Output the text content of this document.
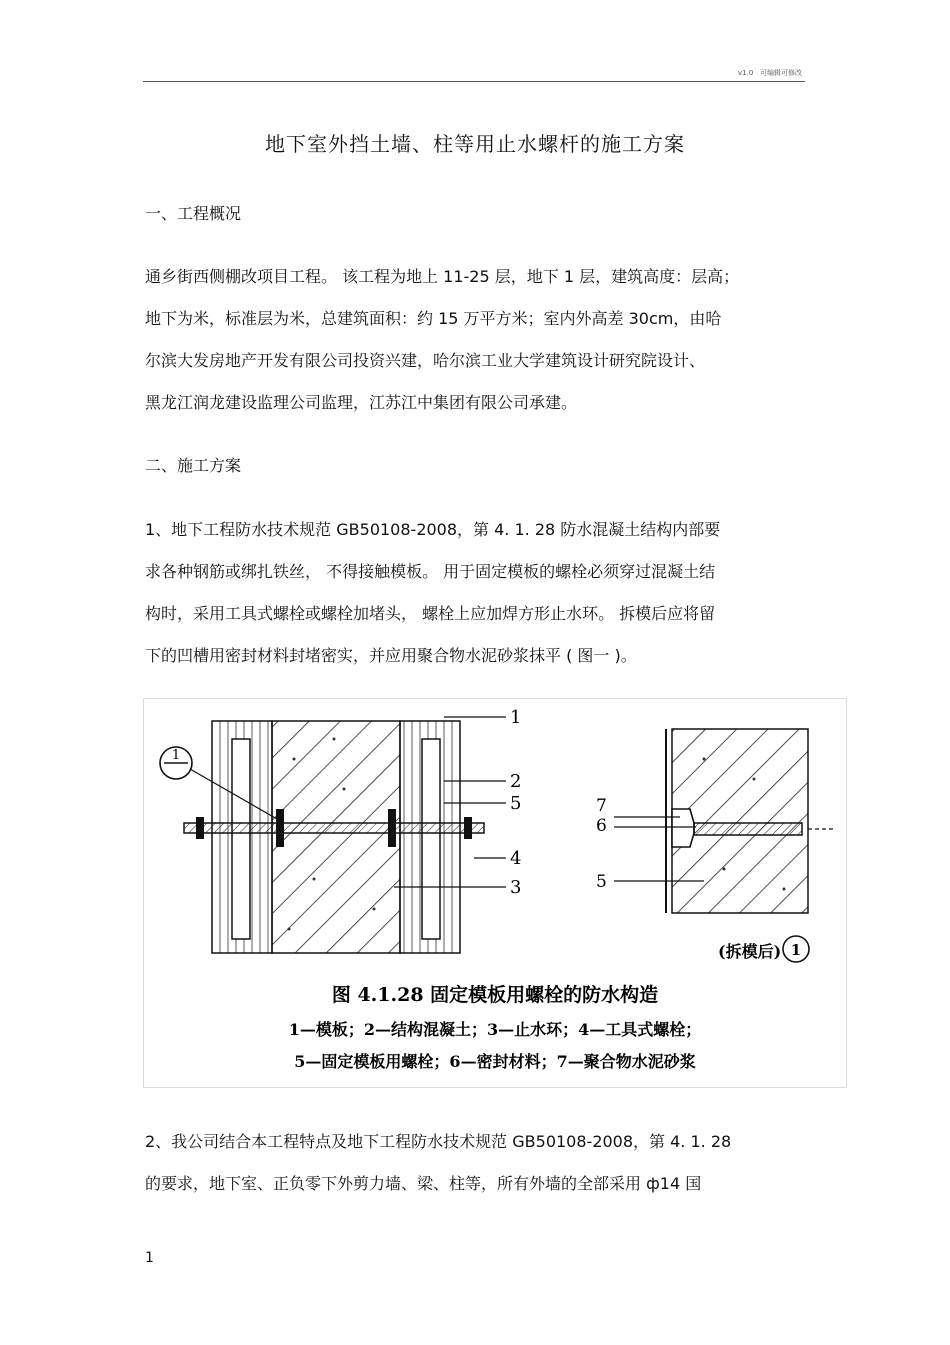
v1.0 可编辑可修改
地下室外挡土墙、柱等用止水螺杆的施工方案
一、工程概况
通乡街西侧棚改项目工程。 该工程为地上 11-25 层，地下 1 层，建筑高度：层高；
地下为米，标准层为米，总建筑面积：约 15 万平方米；室内外高差 30cm，由哈
尔滨大发房地产开发有限公司投资兴建，哈尔滨工业大学建筑设计研究院设计、
黑龙江润龙建设监理公司监理，江苏江中集团有限公司承建。
二、施工方案
1、地下工程防水技术规范 GB50108-2008，第 4. 1. 28 防水混凝土结构内部要
求各种钢筋或绑扎铁丝， 不得接触模板。 用于固定模板的螺栓必须穿过混凝土结
构时，采用工具式螺栓或螺栓加堵头， 螺栓上应加焊方形止水环。 拆模后应将留
下的凹槽用密封材料封堵密实，并应用聚合物水泥砂浆抹平 ( 图一 )。
1
1
2
5
4
3
7
6
5
(拆模后) 1
图 4.1.28 固定模板用螺栓的防水构造
1—模板；2—结构混凝土；3—止水环；4—工具式螺栓；
5—固定模板用螺栓；6—密封材料；7—聚合物水泥砂浆
2、我公司结合本工程特点及地下工程防水技术规范 GB50108-2008，第 4. 1. 28
的要求，地下室、正负零下外剪力墙、梁、柱等，所有外墙的全部采用 ф14 国
1
